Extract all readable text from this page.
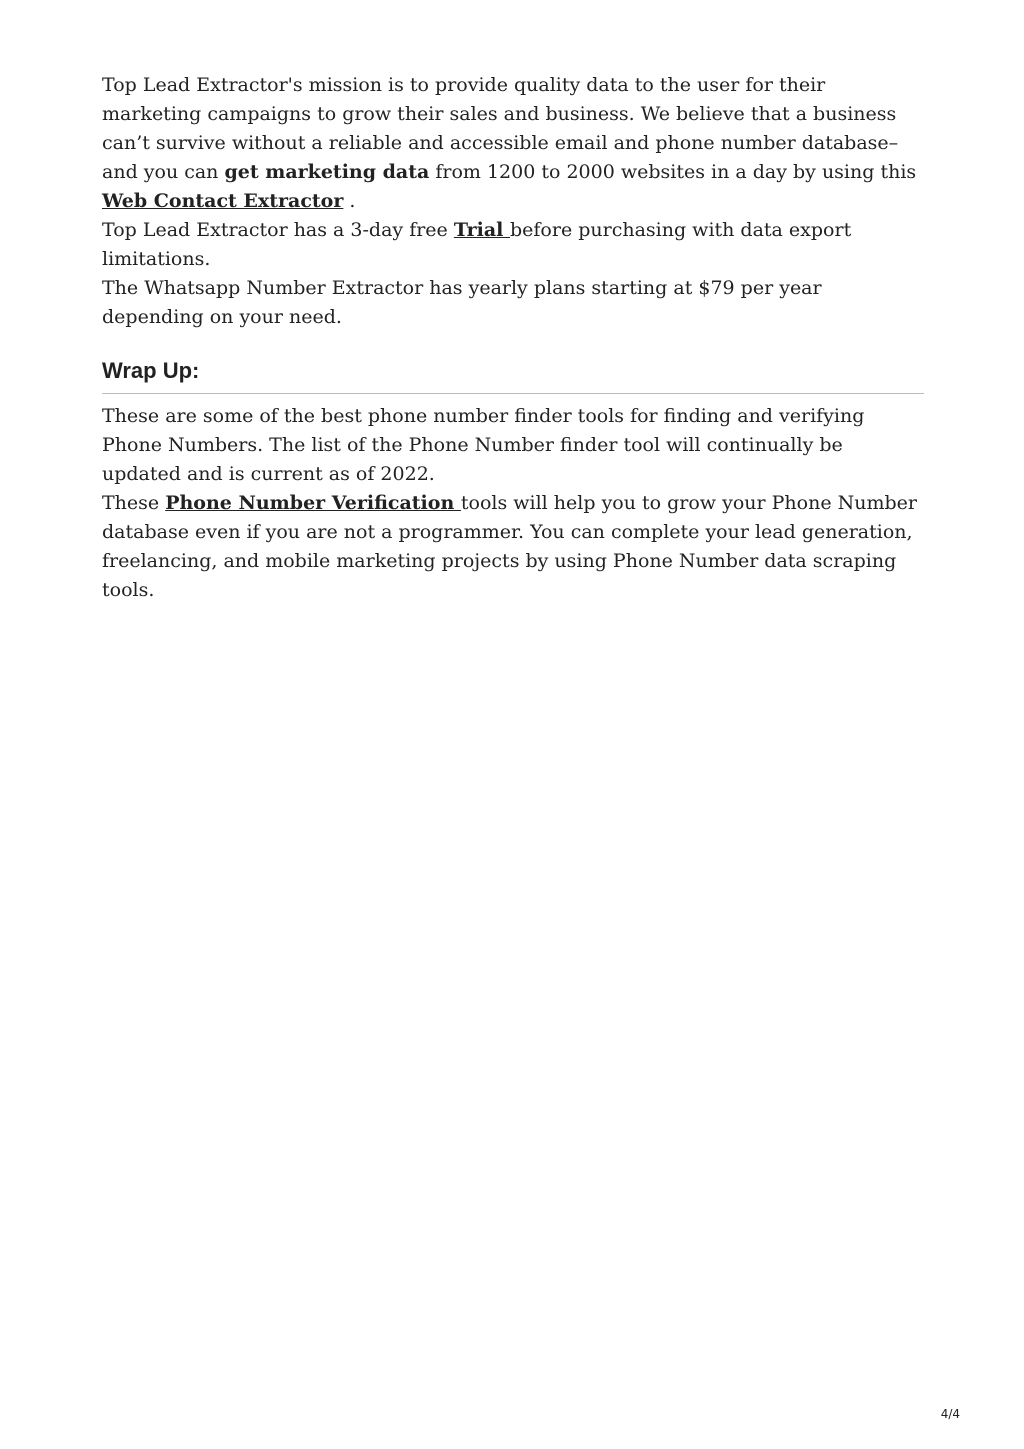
Top Lead Extractor's mission is to provide quality data to the user for their marketing campaigns to grow their sales and business. We believe that a business can’t survive without a reliable and accessible email and phone number database– and you can get marketing data from 1200 to 2000 websites in a day by using this Web Contact Extractor .

Top Lead Extractor has a 3-day free Trial before purchasing with data export limitations.

The Whatsapp Number Extractor has yearly plans starting at $79 per year depending on your need.

Wrap Up:

These are some of the best phone number finder tools for finding and verifying Phone Numbers. The list of the Phone Number finder tool will continually be updated and is current as of 2022.

These Phone Number Verification tools will help you to grow your Phone Number database even if you are not a programmer. You can complete your lead generation, freelancing, and mobile marketing projects by using Phone Number data scraping tools.

4/4
